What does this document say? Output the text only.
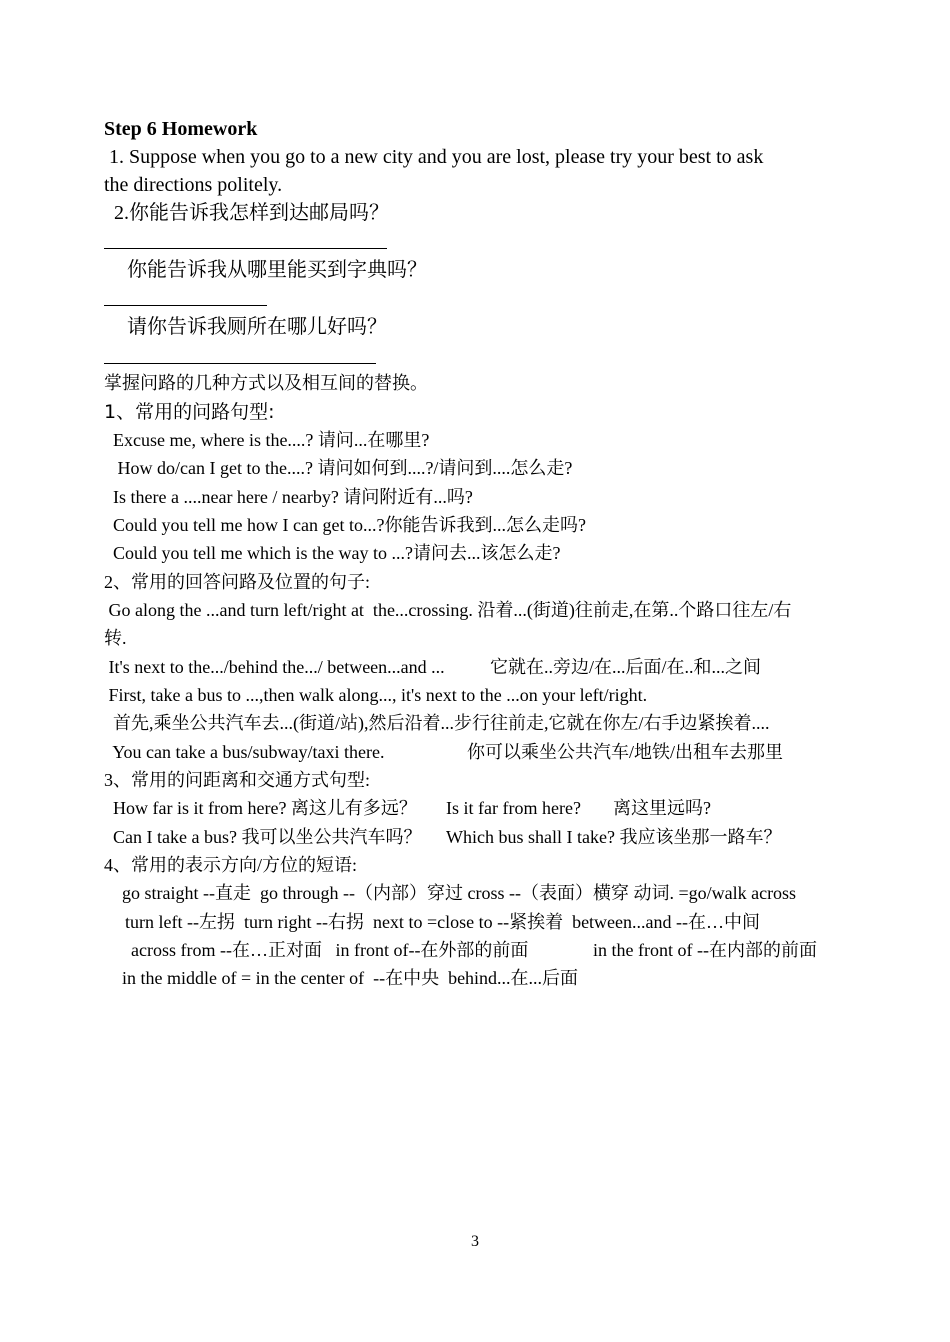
Step 6 Homework
1. Suppose when you go to a new city and you are lost, please try your best to ask
the directions politely.
2.你能告诉我怎样到达邮局吗？
你能告诉我从哪里能买到字典吗？
请你告诉我厕所在哪儿好吗？
掌握问路的几种方式以及相互间的替换。
1、常用的问路句型:
Excuse me, where is the....? 请问...在哪里?
How do/can I get to the....? 请问如何到....?/请问到....怎么走?
Is there a ....near here / nearby? 请问附近有...吗?
Could you tell me how I can get to...?你能告诉我到...怎么走吗?
Could you tell me which is the way to ...?请问去...该怎么走?
2、常用的回答问路及位置的句子:
Go along the ...and turn left/right at  the...crossing. 沿着...(街道)往前走,在第..个路口往左/右
转.
It's next to the.../behind the.../ between...and ...	它就在..旁边/在...后面/在..和...之间
First, take a bus to ...,then walk along..., it's next to the ...on your left/right.
首先,乘坐公共汽车去...(街道/站),然后沿着...步行往前走,它就在你左/右手边紧挨着....
You can take a bus/subway/taxi there.	你可以乘坐公共汽车/地铁/出租车去那里
3、常用的问距离和交通方式句型:
How far is it from here? 离这儿有多远？ Is it far from here? 离这里远吗?
Can I take a bus? 我可以坐公共汽车吗？ Which bus shall I take? 我应该坐那一路车？
4、常用的表示方向/方位的短语:
go straight --直走  go through --（内部）穿过 cross --（表面）横穿 动词. =go/walk across
turn left --左拐  turn right --右拐  next to =close to --紧挨着  between...and --在…中间
across from --在…正对面   in front of--在外部的前面	in the front of --在内部的前面
in the middle of = in the center of  --在中央  behind...在...后面
3
